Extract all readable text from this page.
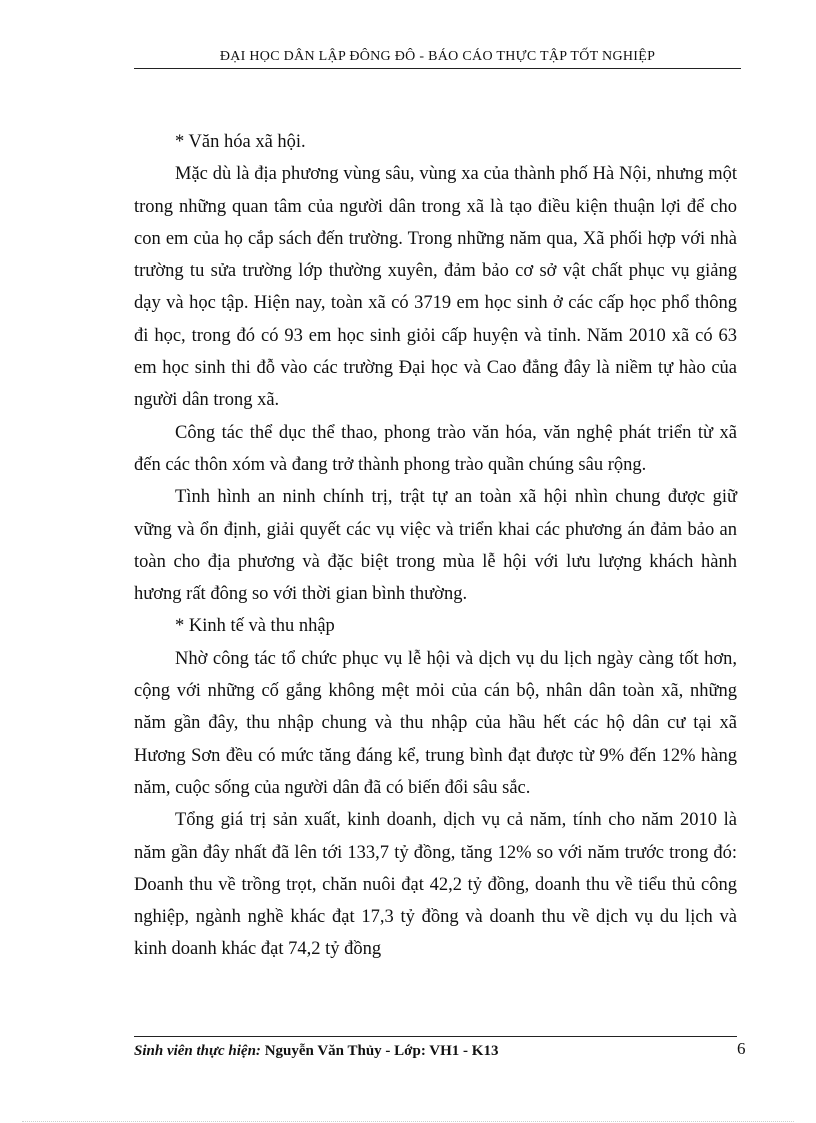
ĐẠI HỌC DÂN LẬP ĐÔNG ĐÔ - BÁO CÁO THỰC TẬP TỐT NGHIỆP

* Văn hóa xã hội.

Mặc dù là địa phương vùng sâu, vùng xa của thành phố Hà Nội, nhưng một trong những quan tâm của người dân trong xã là tạo điều kiện thuận lợi để cho con em của họ cắp sách đến trường. Trong những năm qua, Xã phối hợp với nhà trường tu sửa trường lớp thường xuyên, đảm bảo cơ sở vật chất phục vụ giảng dạy và học tập. Hiện nay, toàn xã có 3719 em học sinh ở các cấp học phổ thông đi học, trong đó có 93 em học sinh giỏi cấp huyện và tỉnh. Năm 2010 xã có 63 em học sinh thi đỗ vào các trường Đại học và Cao đẳng đây là niềm tự hào của người dân trong xã.

Công tác thể dục thể thao, phong trào văn hóa, văn nghệ phát triển từ xã đến các thôn xóm và đang trở thành phong trào quần chúng sâu rộng.

Tình hình an ninh chính trị, trật tự an toàn xã hội nhìn chung được giữ vững và ổn định, giải quyết các vụ việc và triển khai các phương án đảm bảo an toàn cho địa phương và đặc biệt trong mùa lễ hội với lưu lượng khách hành hương rất đông so với thời gian bình thường.

* Kinh tế và thu nhập

Nhờ công tác tổ chức phục vụ lễ hội và dịch vụ du lịch ngày càng tốt hơn, cộng với những cố gắng không mệt mỏi của cán bộ, nhân dân toàn xã, những năm gần đây, thu nhập chung và thu nhập của hầu hết các hộ dân cư tại xã Hương Sơn đều có mức tăng đáng kể, trung bình đạt được từ 9% đến 12% hàng năm, cuộc sống của người dân đã có biến đổi sâu sắc.

Tổng giá trị sản xuất, kinh doanh, dịch vụ cả năm, tính cho năm 2010 là năm gần đây nhất đã lên tới 133,7 tỷ đồng, tăng 12% so với năm trước trong đó: Doanh thu về trồng trọt, chăn nuôi đạt 42,2 tỷ đồng, doanh thu về tiểu thủ công nghiệp, ngành nghề khác đạt 17,3 tỷ đồng và doanh thu về dịch vụ du lịch và kinh doanh khác đạt 74,2 tỷ đồng

Sinh viên thực hiện: Nguyễn Văn Thủy - Lớp: VH1 - K13	6
